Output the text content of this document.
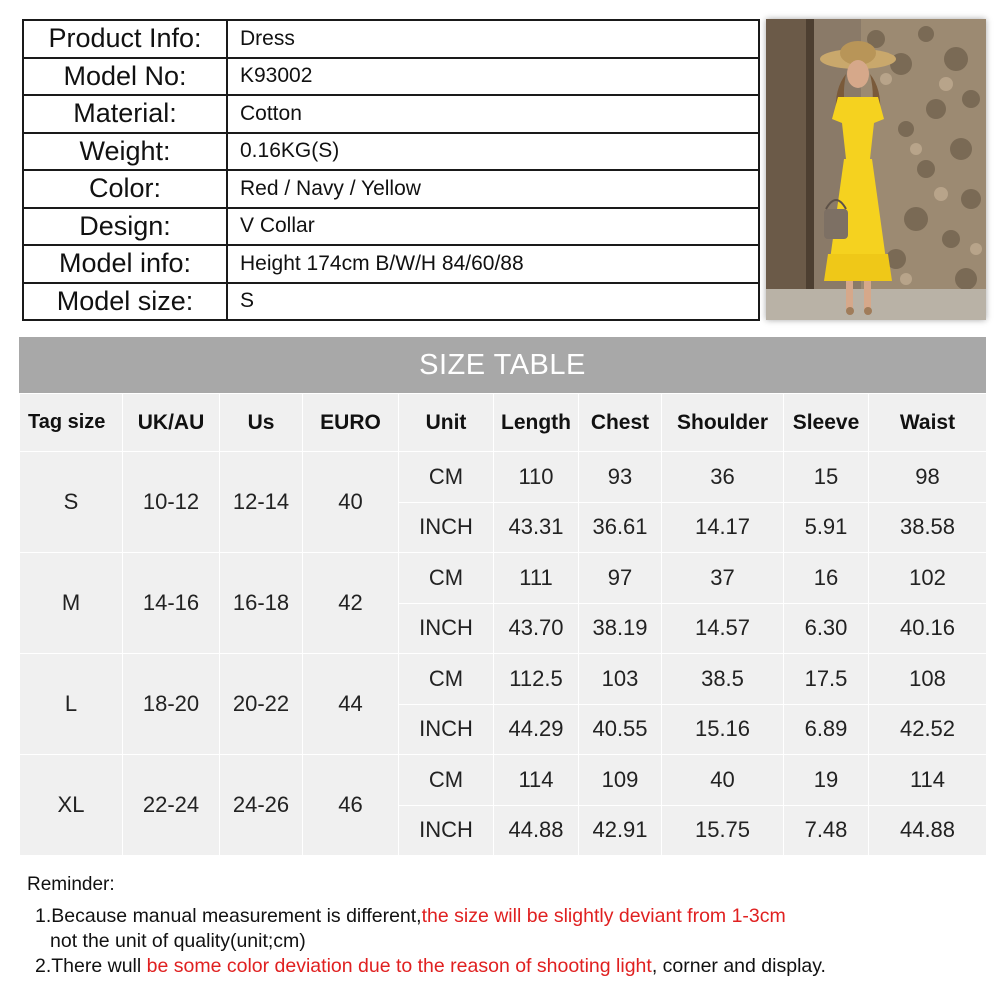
Product Info:	Dress
Model No:	K93002
Material:	Cotton
Weight:	0.16KG(S)
Color:	Red / Navy / Yellow
Design:	V Collar
Model info:	Height 174cm B/W/H 84/60/88
Model size:	S
SIZE TABLE
Tag size	UK/AU	Us	EURO	Unit	Length	Chest	Shoulder	Sleeve	Waist
S	10-12	12-14	40	CM	110	93	36	15	98
				INCH	43.31	36.61	14.17	5.91	38.58
M	14-16	16-18	42	CM	111	97	37	16	102
				INCH	43.70	38.19	14.57	6.30	40.16
L	18-20	20-22	44	CM	112.5	103	38.5	17.5	108
				INCH	44.29	40.55	15.16	6.89	42.52
XL	22-24	24-26	46	CM	114	109	40	19	114
				INCH	44.88	42.91	15.75	7.48	44.88
Reminder:
1.Because manual measurement is different,the size will be slightly deviant from 1-3cm
not the unit of quality(unit;cm)
2.There wull be some color deviation due to the reason of shooting light, corner and display.
